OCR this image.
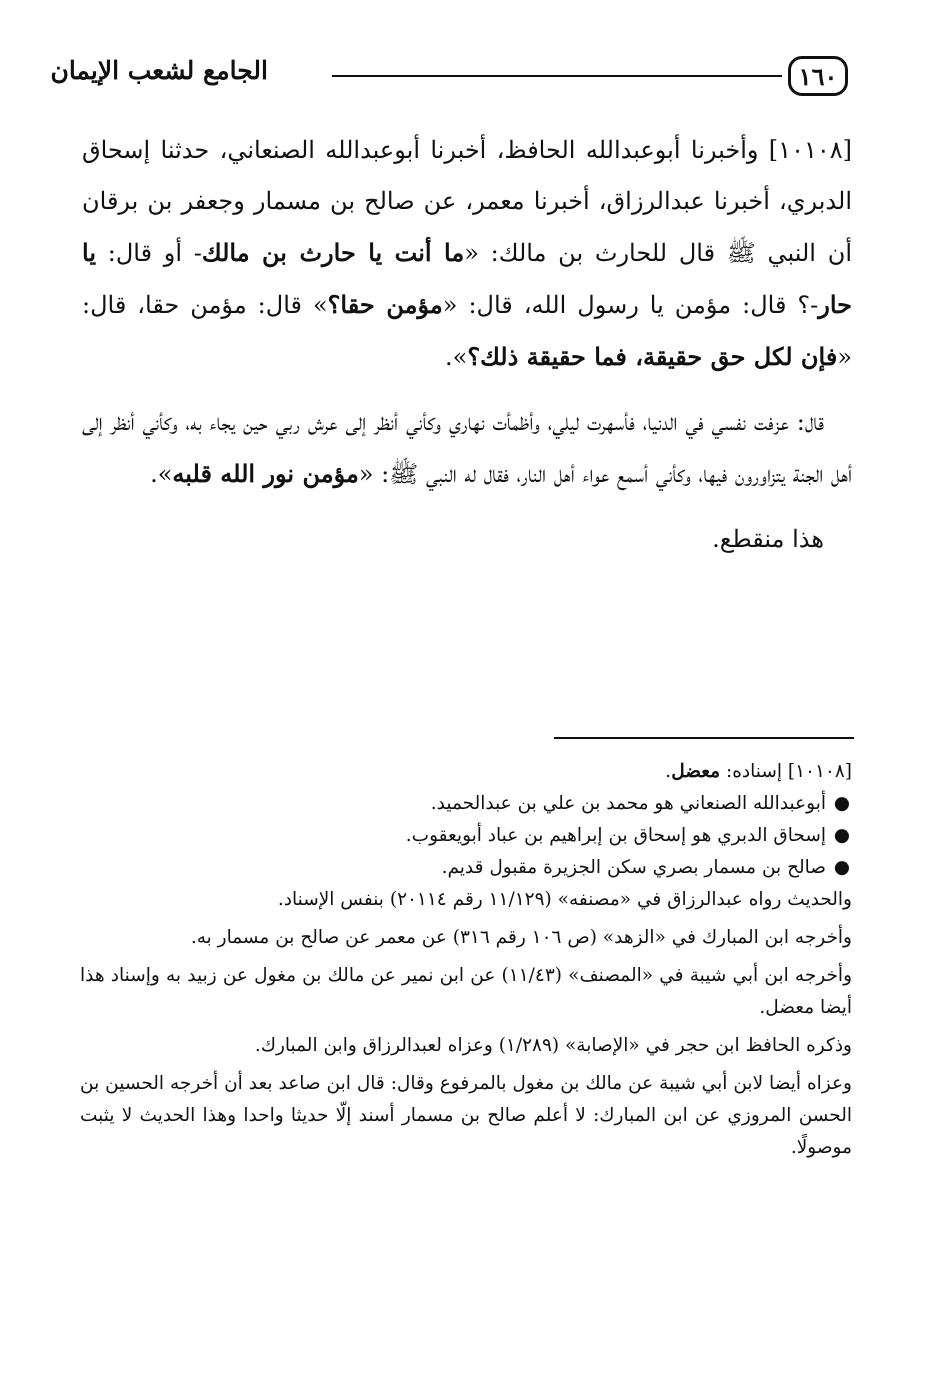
١٦٠
الجامع لشعب الإيمان

[١٠١٠٨] وأخبرنا أبوعبدالله الحافظ، أخبرنا أبوعبدالله الصنعاني، حدثنا إسحاق الدبري، أخبرنا عبدالرزاق، أخبرنا معمر، عن صالح بن مسمار وجعفر بن برقان أن النبي ﷺ قال للحارث بن مالك: «ما أنت يا حارث بن مالك- أو قال: يا حار-؟ قال: مؤمن يا رسول الله، قال: «مؤمن حقا؟» قال: مؤمن حقا، قال: «فإن لكل حق حقيقة، فما حقيقة ذلك؟».

قال: عزفت نفسي في الدنيا، فأسهرت ليلي، وأظمأت نهاري وكأني أنظر إلى عرش ربي حين يجاء به، وكأني أنظر إلى أهل الجنة يتزاورون فيها، وكأني أسمع عواء أهل النار، فقال له النبي ﷺ: «مؤمن نور الله قلبه».

هذا منقطع.

[١٠١٠٨] إسناده: معضل.

●
أبوعبدالله الصنعاني هو محمد بن علي بن عبدالحميد.
●
إسحاق الدبري هو إسحاق بن إبراهيم بن عباد أبويعقوب.
●
صالح بن مسمار بصري سكن الجزيرة مقبول قديم.

والحديث رواه عبدالرزاق في «مصنفه» (١١/١٢٩ رقم ٢٠١١٤) بنفس الإسناد.

وأخرجه ابن المبارك في «الزهد» (ص ١٠٦ رقم ٣١٦) عن معمر عن صالح بن مسمار به.

وأخرجه ابن أبي شيبة في «المصنف» (١١/٤٣) عن ابن نمير عن مالك بن مغول عن زبيد به وإسناد هذا أيضا معضل.

وذكره الحافظ ابن حجر في «الإصابة» (١/٢٨٩) وعزاه لعبدالرزاق وابن المبارك.

وعزاه أيضا لابن أبي شيبة عن مالك بن مغول بالمرفوع وقال: قال ابن صاعد بعد أن أخرجه الحسين بن الحسن المروزي عن ابن المبارك: لا أعلم صالح بن مسمار أسند إلّا حديثا واحدا وهذا الحديث لا يثبت موصولًا.
